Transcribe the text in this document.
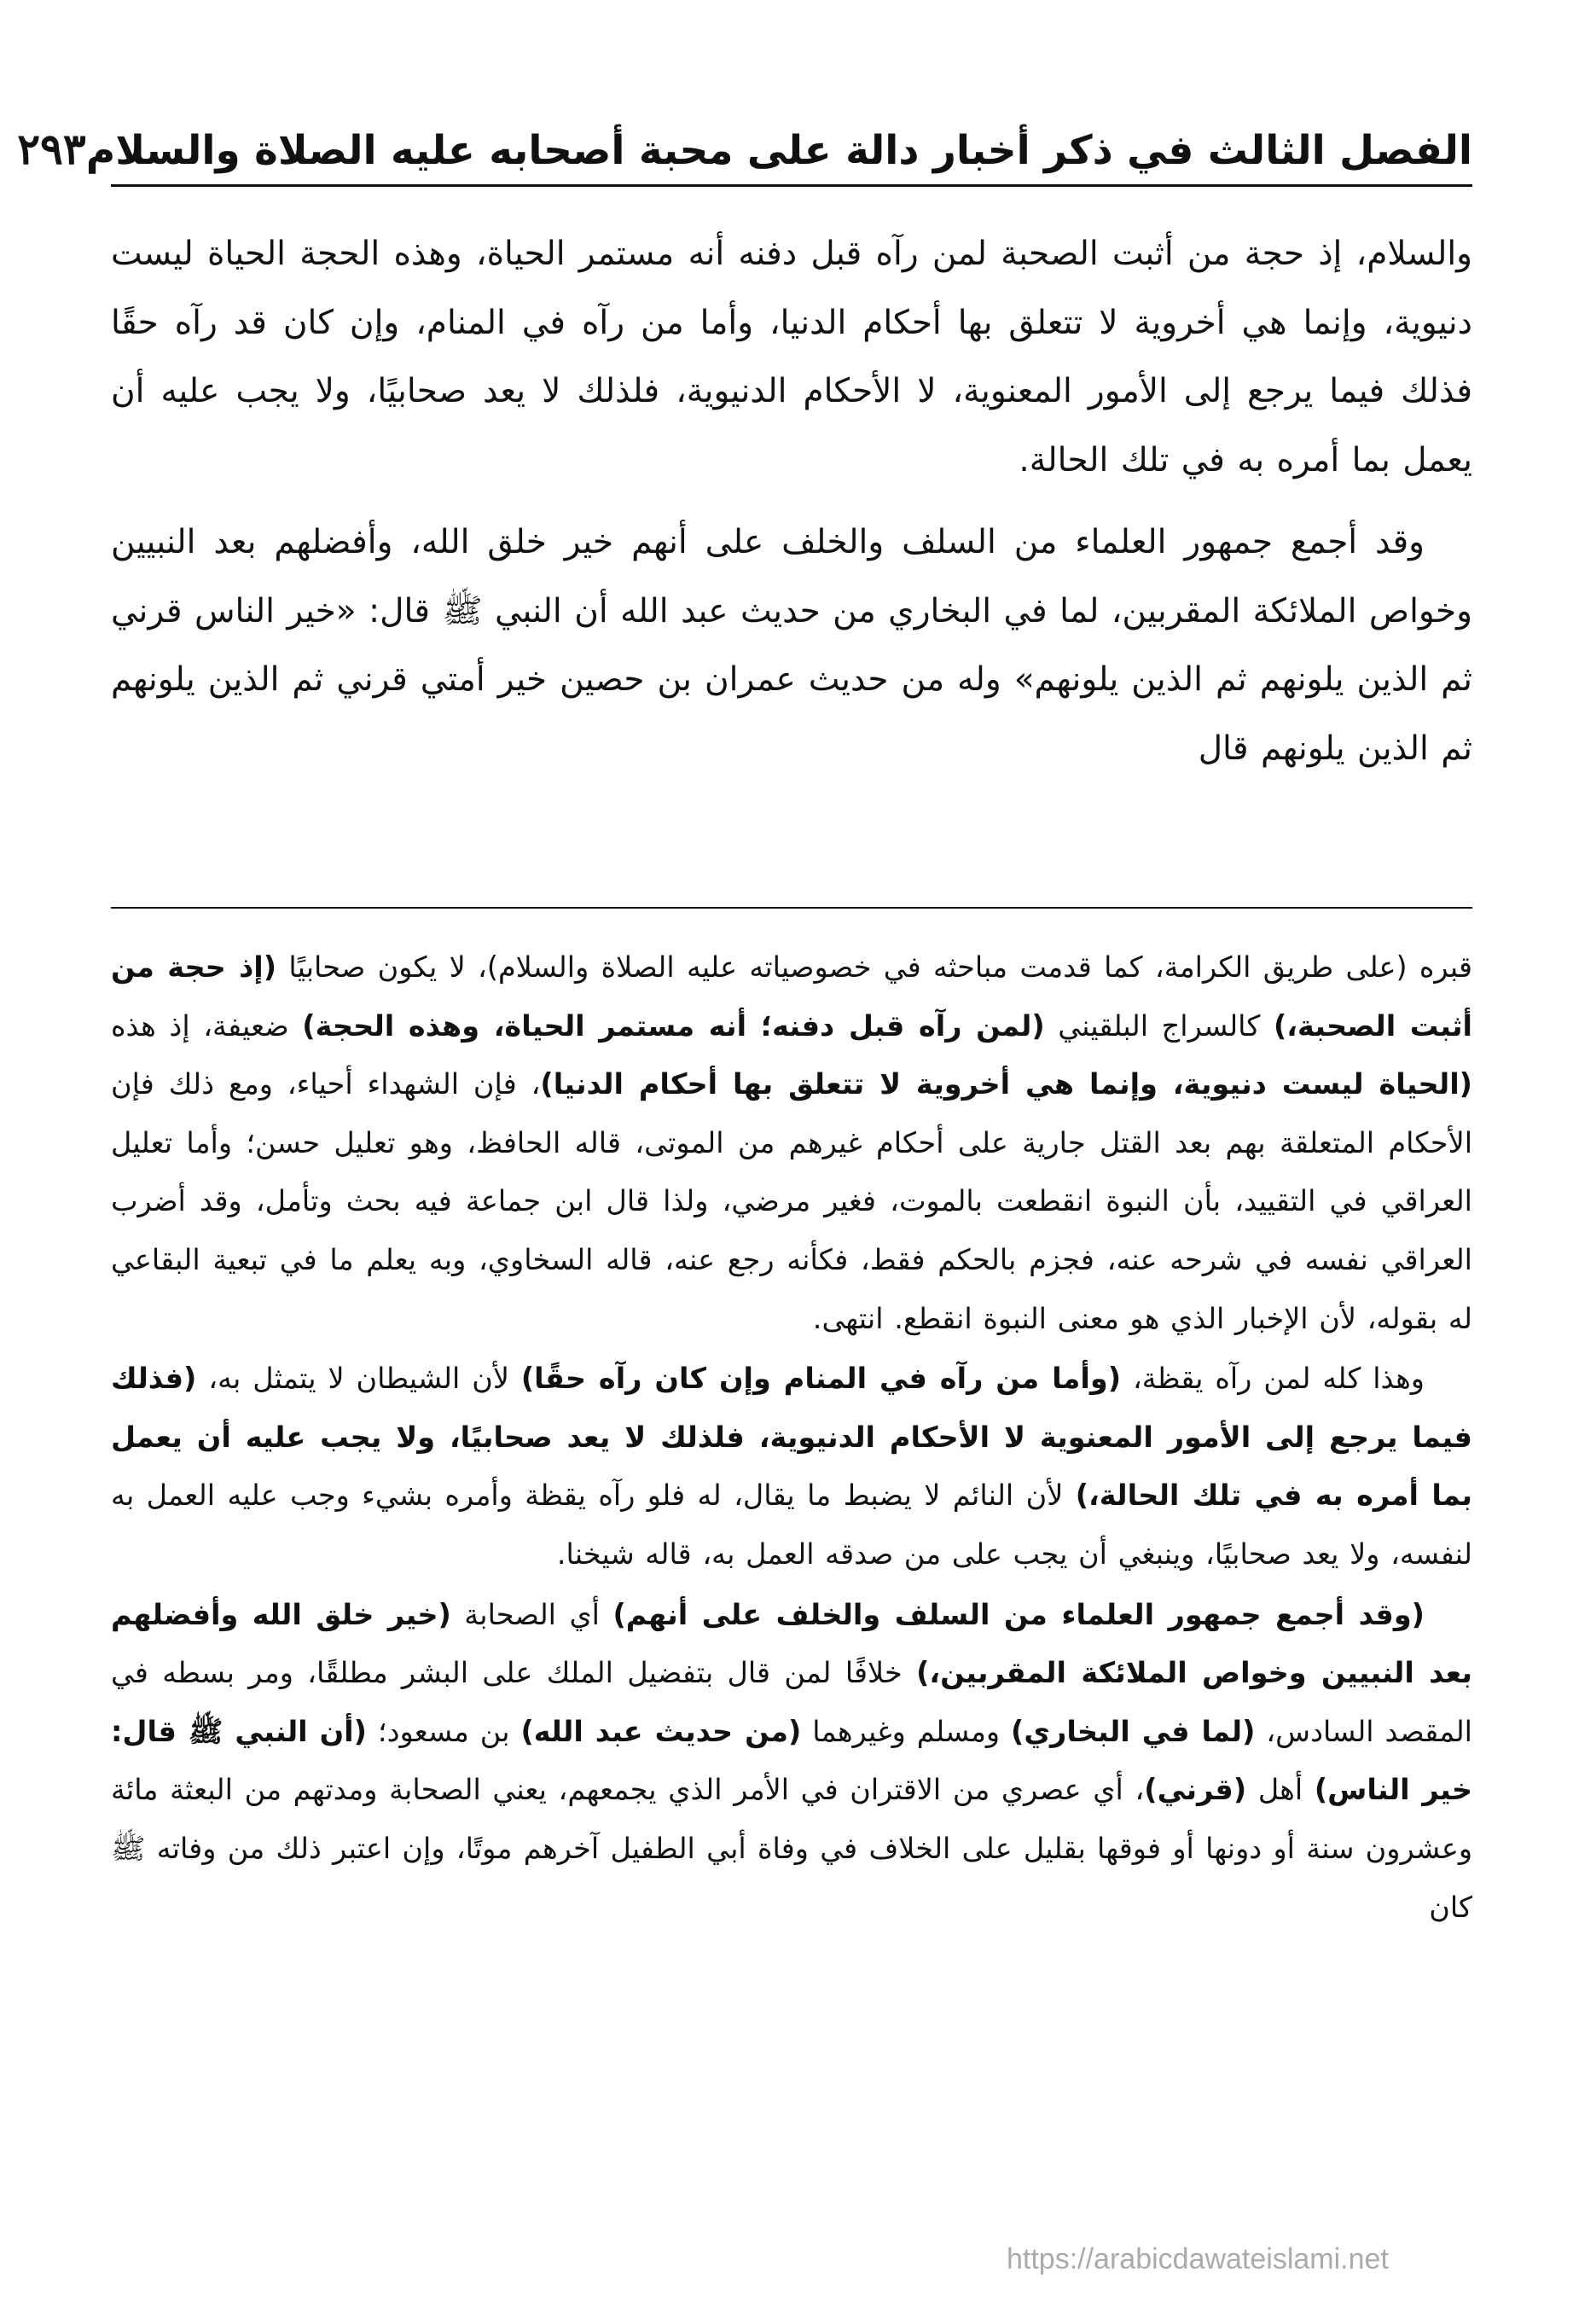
الفصل الثالث في ذكر أخبار دالة على محبة أصحابه عليه الصلاة والسلام
٢٩٣

والسلام، إذ حجة من أثبت الصحبة لمن رآه قبل دفنه أنه مستمر الحياة، وهذه الحجة الحياة ليست دنيوية، وإنما هي أخروية لا تتعلق بها أحكام الدنيا، وأما من رآه في المنام، وإن كان قد رآه حقًا فذلك فيما يرجع إلى الأمور المعنوية، لا الأحكام الدنيوية، فلذلك لا يعد صحابيًا، ولا يجب عليه أن يعمل بما أمره به في تلك الحالة.

وقد أجمع جمهور العلماء من السلف والخلف على أنهم خير خلق الله، وأفضلهم بعد النبيين وخواص الملائكة المقربين، لما في البخاري من حديث عبد الله أن النبي ﷺ قال: «خير الناس قرني ثم الذين يلونهم ثم الذين يلونهم» وله من حديث عمران بن حصين خير أمتي قرني ثم الذين يلونهم ثم الذين يلونهم قال

قبره (على طريق الكرامة، كما قدمت مباحثه في خصوصياته عليه الصلاة والسلام)، لا يكون صحابيًا (إذ حجة من أثبت الصحبة،) كالسراج البلقيني (لمن رآه قبل دفنه؛ أنه مستمر الحياة، وهذه الحجة) ضعيفة، إذ هذه (الحياة ليست دنيوية، وإنما هي أخروية لا تتعلق بها أحكام الدنيا)، فإن الشهداء أحياء، ومع ذلك فإن الأحكام المتعلقة بهم بعد القتل جارية على أحكام غيرهم من الموتى، قاله الحافظ، وهو تعليل حسن؛ وأما تعليل العراقي في التقييد، بأن النبوة انقطعت بالموت، فغير مرضي، ولذا قال ابن جماعة فيه بحث وتأمل، وقد أضرب العراقي نفسه في شرحه عنه، فجزم بالحكم فقط، فكأنه رجع عنه، قاله السخاوي، وبه يعلم ما في تبعية البقاعي له بقوله، لأن الإخبار الذي هو معنى النبوة انقطع. انتهى.

وهذا كله لمن رآه يقظة، (وأما من رآه في المنام وإن كان رآه حقًا) لأن الشيطان لا يتمثل به، (فذلك فيما يرجع إلى الأمور المعنوية لا الأحكام الدنيوية، فلذلك لا يعد صحابيًا، ولا يجب عليه أن يعمل بما أمره به في تلك الحالة،) لأن النائم لا يضبط ما يقال، له فلو رآه يقظة وأمره بشيء وجب عليه العمل به لنفسه، ولا يعد صحابيًا، وينبغي أن يجب على من صدقه العمل به، قاله شيخنا.

(وقد أجمع جمهور العلماء من السلف والخلف على أنهم) أي الصحابة (خير خلق الله وأفضلهم بعد النبيين وخواص الملائكة المقربين،) خلافًا لمن قال بتفضيل الملك على البشر مطلقًا، ومر بسطه في المقصد السادس، (لما في البخاري) ومسلم وغيرهما (من حديث عبد الله) بن مسعود؛ (أن النبي ﷺ قال: خير الناس) أهل (قرني)، أي عصري من الاقتران في الأمر الذي يجمعهم، يعني الصحابة ومدتهم من البعثة مائة وعشرون سنة أو دونها أو فوقها بقليل على الخلاف في وفاة أبي الطفيل آخرهم موتًا، وإن اعتبر ذلك من وفاته ﷺ كان

https://arabicdawateislami.net
